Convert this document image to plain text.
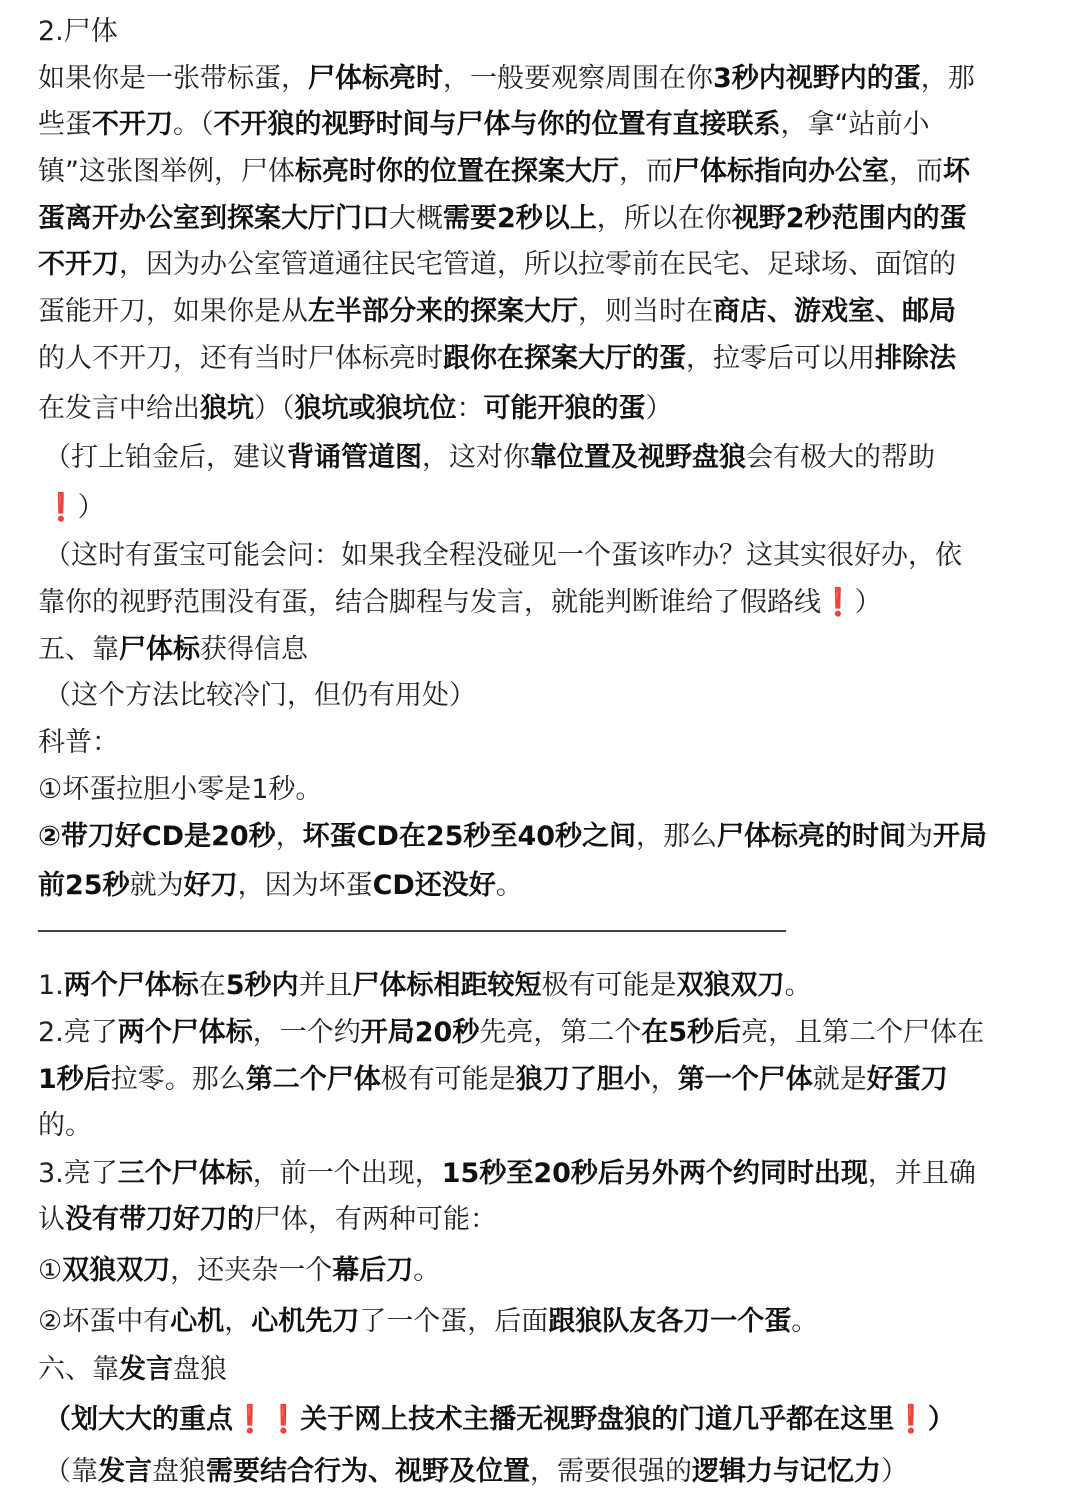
2.尸体
如果你是一张带标蛋，尸体标亮时，一般要观察周围在你3秒内视野内的蛋，那
些蛋不开刀。（不开狼的视野时间与尸体与你的位置有直接联系，拿“站前小
镇”这张图举例，尸体标亮时你的位置在探案大厅，而尸体标指向办公室，而坏
蛋离开办公室到探案大厅门口大概需要2秒以上，所以在你视野2秒范围内的蛋
不开刀，因为办公室管道通往民宅管道，所以拉零前在民宅、足球场、面馆的
蛋能开刀，如果你是从左半部分来的探案大厅，则当时在商店、游戏室、邮局
的人不开刀，还有当时尸体标亮时跟你在探案大厅的蛋，拉零后可以用排除法
在发言中给出狼坑）（狼坑或狼坑位：可能开狼的蛋）
（打上铂金后，建议背诵管道图，这对你靠位置及视野盘狼会有极大的帮助
❗）
（这时有蛋宝可能会问：如果我全程没碰见一个蛋该咋办？这其实很好办，依
靠你的视野范围没有蛋，结合脚程与发言，就能判断谁给了假路线❗）
五、靠尸体标获得信息
（这个方法比较冷门，但仍有用处）
科普：
①坏蛋拉胆小零是1秒。
②带刀好CD是20秒，坏蛋CD在25秒至40秒之间，那么尸体标亮的时间为开局
前25秒就为好刀，因为坏蛋CD还没好。
1.两个尸体标在5秒内并且尸体标相距较短极有可能是双狼双刀。
2.亮了两个尸体标，一个约开局20秒先亮，第二个在5秒后亮，且第二个尸体在
1秒后拉零。那么第二个尸体极有可能是狼刀了胆小，第一个尸体就是好蛋刀
的。
3.亮了三个尸体标，前一个出现，15秒至20秒后另外两个约同时出现，并且确
认没有带刀好刀的尸体，有两种可能：
①双狼双刀，还夹杂一个幕后刀。
②坏蛋中有心机，心机先刀了一个蛋，后面跟狼队友各刀一个蛋。
六、靠发言盘狼
（划大大的重点❗❗关于网上技术主播无视野盘狼的门道几乎都在这里❗）
（靠发言盘狼需要结合行为、视野及位置，需要很强的逻辑力与记忆力）
